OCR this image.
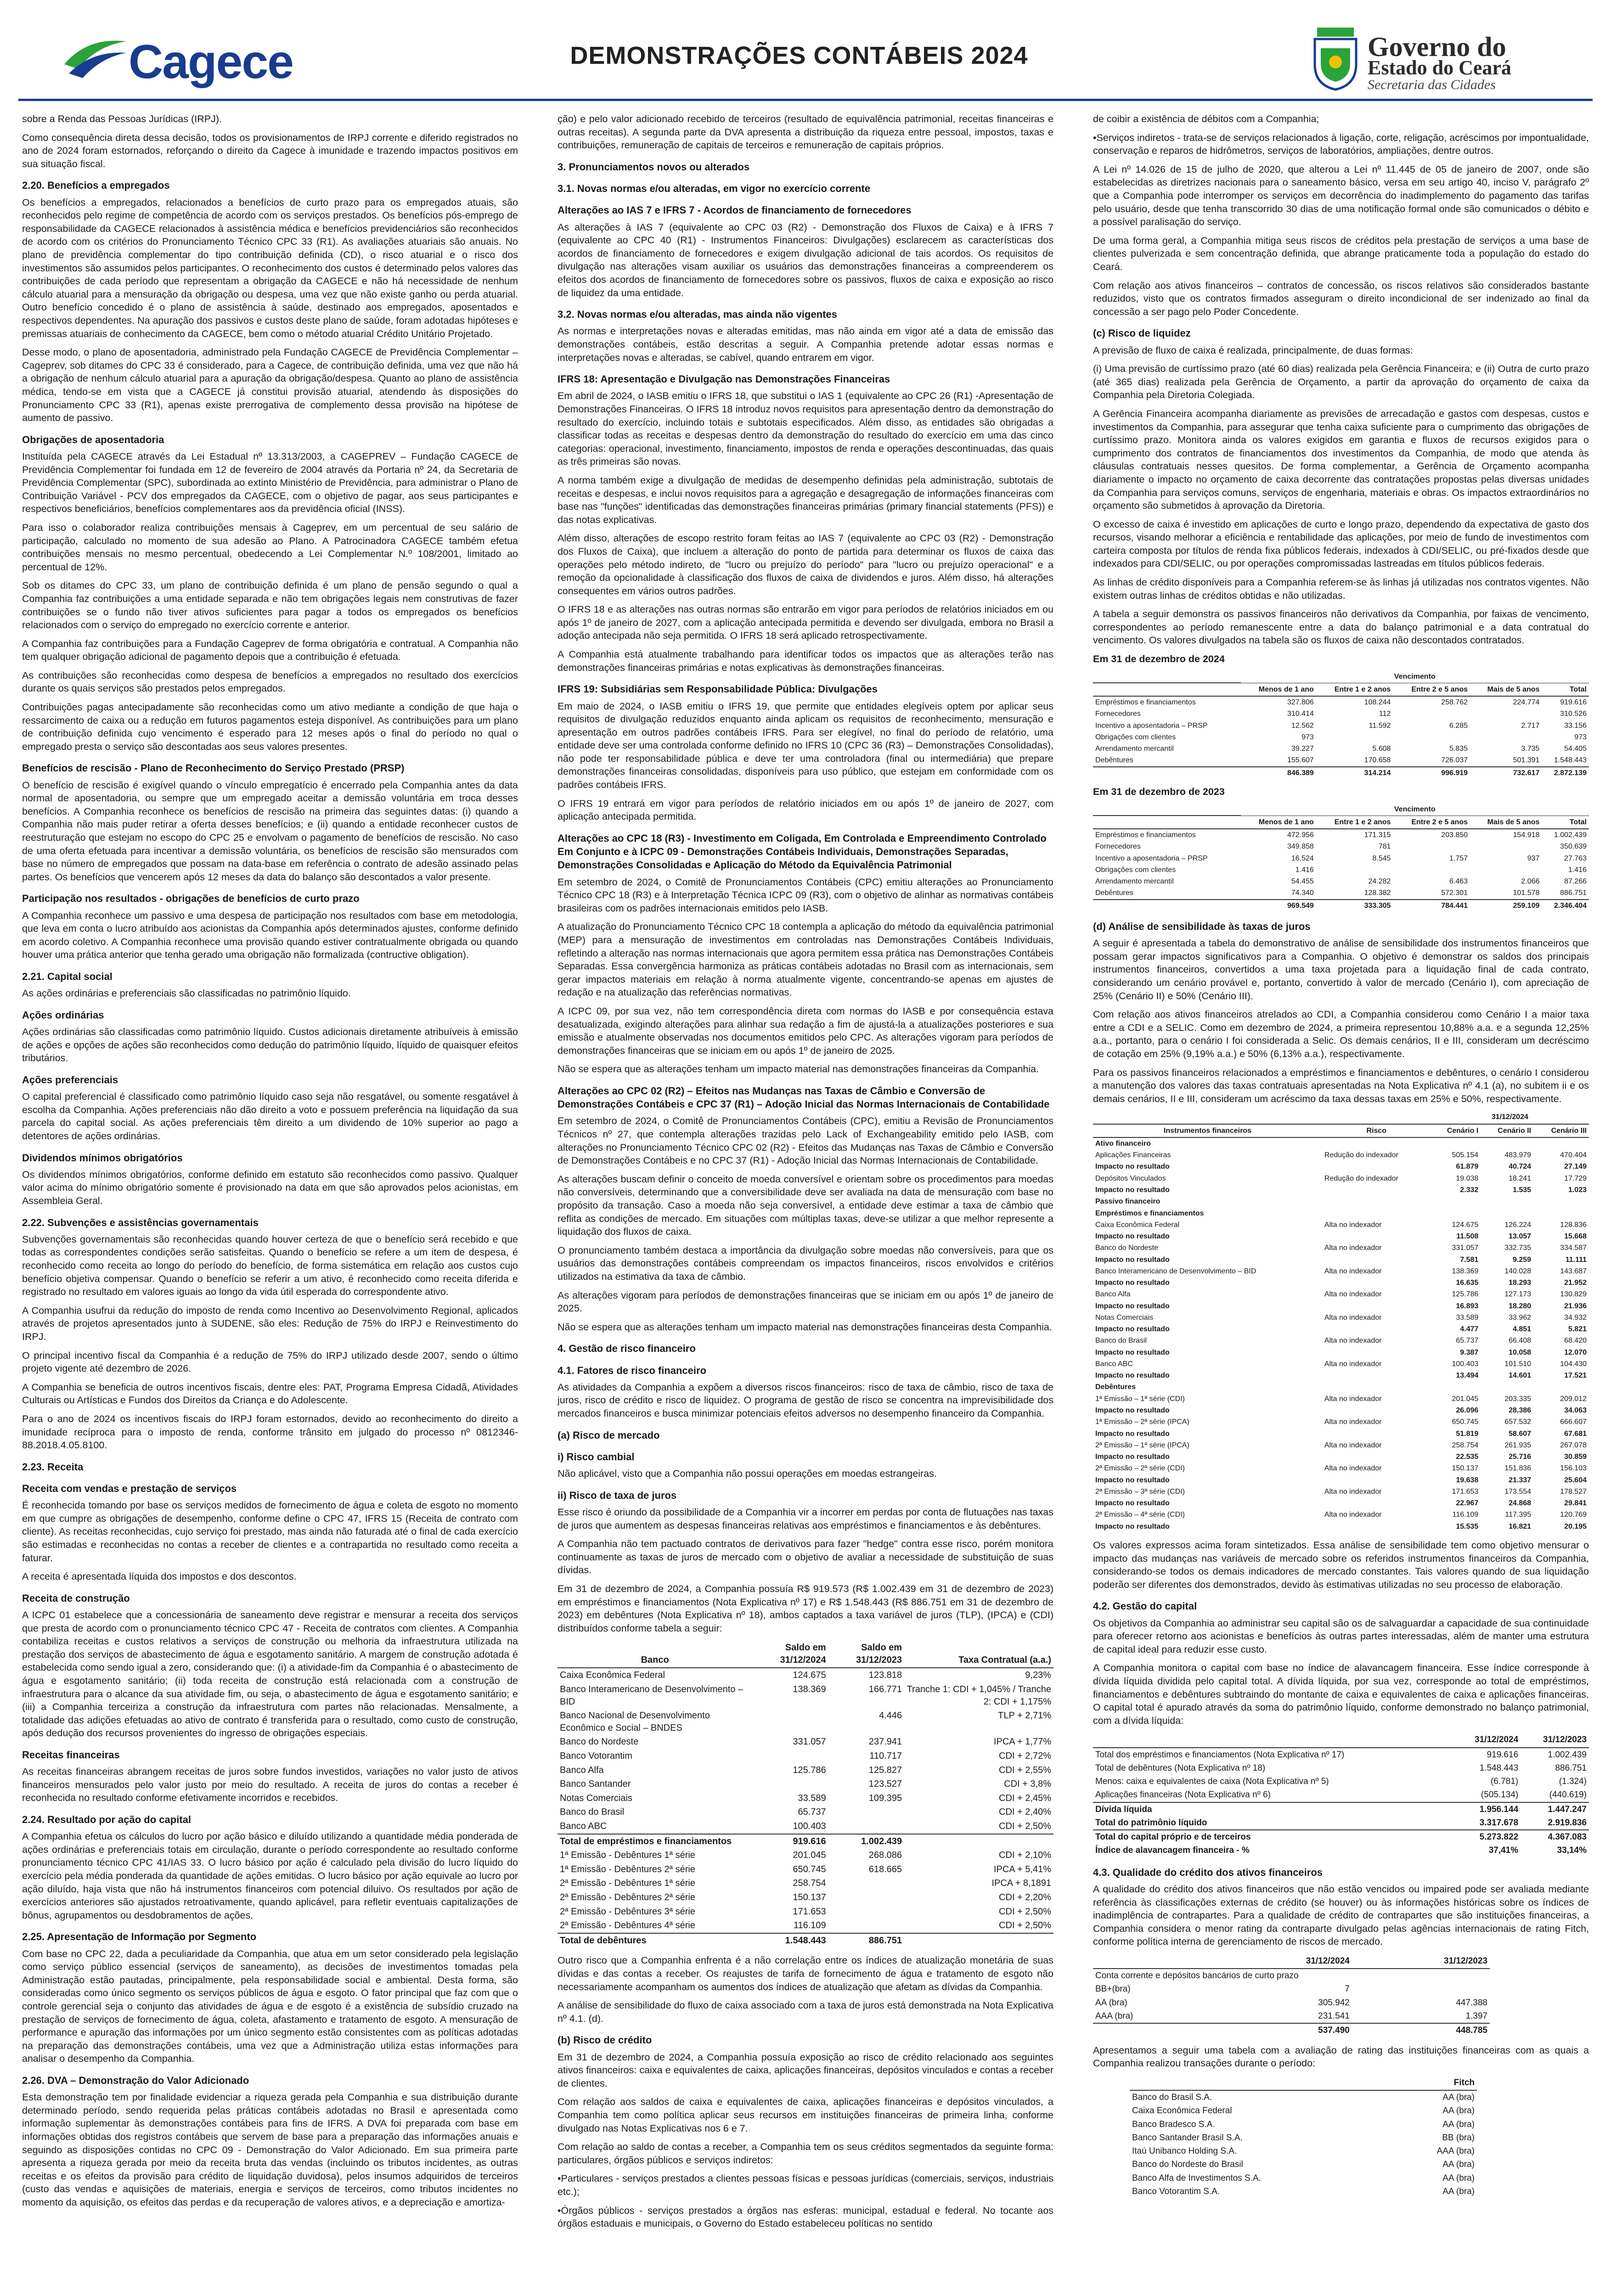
Cagece	DEMONSTRAÇÕES CONTÁBEIS 2024	Governo do
Estado do Ceará
Secretaria das Cidades

sobre a Renda das Pessoas Jurídicas (IRPJ).

Como consequência direta dessa decisão, todos os provisionamentos de IRPJ corrente e diferido registrados no ano de 2024 foram estornados, reforçando o direito da Cagece à imunidade e trazendo impactos positivos em sua situação fiscal.

2.20. Benefícios a empregados

Os benefícios a empregados, relacionados a benefícios de curto prazo para os empregados atuais, são reconhecidos pelo regime de competência de acordo com os serviços prestados. Os benefícios pós-emprego de responsabilidade da CAGECE relacionados à assistência médica e benefícios previdenciários são reconhecidos de acordo com os critérios do Pronunciamento Técnico CPC 33 (R1). As avaliações atuariais são anuais. No plano de previdência complementar do tipo contribuição definida (CD), o risco atuarial e o risco dos investimentos são assumidos pelos participantes. O reconhecimento dos custos é determinado pelos valores das contribuições de cada período que representam a obrigação da CAGECE e não há necessidade de nenhum cálculo atuarial para a mensuração da obrigação ou despesa, uma vez que não existe ganho ou perda atuarial. Outro benefício concedido é o plano de assistência à saúde, destinado aos empregados, aposentados e respectivos dependentes. Na apuração dos passivos e custos deste plano de saúde, foram adotadas hipóteses e premissas atuariais de conhecimento da CAGECE, bem como o método atuarial Crédito Unitário Projetado.

Desse modo, o plano de aposentadoria, administrado pela Fundação CAGECE de Previdência Complementar – Cageprev, sob ditames do CPC 33 é considerado, para a Cagece, de contribuição definida, uma vez que não há a obrigação de nenhum cálculo atuarial para a apuração da obrigação/despesa. Quanto ao plano de assistência médica, tendo-se em vista que a CAGECE já constitui provisão atuarial, atendendo às disposições do Pronunciamento CPC 33 (R1), apenas existe prerrogativa de complemento dessa provisão na hipótese de aumento de passivo.

Obrigações de aposentadoria

Instituída pela CAGECE através da Lei Estadual nº 13.313/2003, a CAGEPREV – Fundação CAGECE de Previdência Complementar foi fundada em 12 de fevereiro de 2004 através da Portaria nº 24, da Secretaria de Previdência Complementar (SPC), subordinada ao extinto Ministério de Previdência, para administrar o Plano de Contribuição Variável - PCV dos empregados da CAGECE, com o objetivo de pagar, aos seus participantes e respectivos beneficiários, benefícios complementares aos da previdência oficial (INSS).

Para isso o colaborador realiza contribuições mensais à Cageprev, em um percentual de seu salário de participação, calculado no momento de sua adesão ao Plano. A Patrocinadora CAGECE também efetua contribuições mensais no mesmo percentual, obedecendo a Lei Complementar N.º 108/2001, limitado ao percentual de 12%.

Sob os ditames do CPC 33, um plano de contribuição definida é um plano de pensão segundo o qual a Companhia faz contribuições a uma entidade separada e não tem obrigações legais nem construtivas de fazer contribuições se o fundo não tiver ativos suficientes para pagar a todos os empregados os benefícios relacionados com o serviço do empregado no exercício corrente e anterior.

A Companhia faz contribuições para a Fundação Cageprev de forma obrigatória e contratual. A Companhia não tem qualquer obrigação adicional de pagamento depois que a contribuição é efetuada.

As contribuições são reconhecidas como despesa de benefícios a empregados no resultado dos exercícios durante os quais serviços são prestados pelos empregados.

Contribuições pagas antecipadamente são reconhecidas como um ativo mediante a condição de que haja o ressarcimento de caixa ou a redução em futuros pagamentos esteja disponível. As contribuições para um plano de contribuição definida cujo vencimento é esperado para 12 meses após o final do período no qual o empregado presta o serviço são descontadas aos seus valores presentes.

Benefícios de rescisão - Plano de Reconhecimento do Serviço Prestado (PRSP)

O benefício de rescisão é exigível quando o vínculo empregatício é encerrado pela Companhia antes da data normal de aposentadoria, ou sempre que um empregado aceitar a demissão voluntária em troca desses benefícios. A Companhia reconhece os benefícios de rescisão na primeira das seguintes datas: (i) quando a Companhia não mais puder retirar a oferta desses benefícios; e (ii) quando a entidade reconhecer custos de reestruturação que estejam no escopo do CPC 25 e envolvam o pagamento de benefícios de rescisão. No caso de uma oferta efetuada para incentivar a demissão voluntária, os benefícios de rescisão são mensurados com base no número de empregados que possam na data-base em referência o contrato de adesão assinado pelas partes. Os benefícios que vencerem após 12 meses da data do balanço são descontados a valor presente.

Participação nos resultados - obrigações de benefícios de curto prazo

A Companhia reconhece um passivo e uma despesa de participação nos resultados com base em metodologia, que leva em conta o lucro atribuído aos acionistas da Companhia após determinados ajustes, conforme definido em acordo coletivo. A Companhia reconhece uma provisão quando estiver contratualmente obrigada ou quando houver uma prática anterior que tenha gerado uma obrigação não formalizada (contructive obligation).

2.21. Capital social

As ações ordinárias e preferenciais são classificadas no patrimônio líquido.

Ações ordinárias

Ações ordinárias são classificadas como patrimônio líquido. Custos adicionais diretamente atribuíveis à emissão de ações e opções de ações são reconhecidos como dedução do patrimônio líquido, líquido de quaisquer efeitos tributários.

Ações preferenciais

O capital preferencial é classificado como patrimônio líquido caso seja não resgatável, ou somente resgatável à escolha da Companhia. Ações preferenciais não dão direito a voto e possuem preferência na liquidação da sua parcela do capital social. As ações preferenciais têm direito a um dividendo de 10% superior ao pago a detentores de ações ordinárias.

Dividendos mínimos obrigatórios

Os dividendos mínimos obrigatórios, conforme definido em estatuto são reconhecidos como passivo. Qualquer valor acima do mínimo obrigatório somente é provisionado na data em que são aprovados pelos acionistas, em Assembleia Geral.

2.22. Subvenções e assistências governamentais

Subvenções governamentais são reconhecidas quando houver certeza de que o benefício será recebido e que todas as correspondentes condições serão satisfeitas. Quando o benefício se refere a um item de despesa, é reconhecido como receita ao longo do período do benefício, de forma sistemática em relação aos custos cujo benefício objetiva compensar. Quando o benefício se referir a um ativo, é reconhecido como receita diferida e registrado no resultado em valores iguais ao longo da vida útil esperada do correspondente ativo.

A Companhia usufrui da redução do imposto de renda como Incentivo ao Desenvolvimento Regional, aplicados através de projetos apresentados junto à SUDENE, são eles: Redução de 75% do IRPJ e Reinvestimento do IRPJ.

O principal incentivo fiscal da Companhia é a redução de 75% do IRPJ utilizado desde 2007, sendo o último projeto vigente até dezembro de 2026.

A Companhia se beneficia de outros incentivos fiscais, dentre eles: PAT, Programa Empresa Cidadã, Atividades Culturais ou Artísticas e Fundos dos Direitos da Criança e do Adolescente.

Para o ano de 2024 os incentivos fiscais do IRPJ foram estornados, devido ao reconhecimento do direito a imunidade recíproca para o imposto de renda, conforme trânsito em julgado do processo nº 0812346-88.2018.4.05.8100.

2.23. Receita
Receita com vendas e prestação de serviços

É reconhecida tomando por base os serviços medidos de fornecimento de água e coleta de esgoto no momento em que cumpre as obrigações de desempenho, conforme define o CPC 47, IFRS 15 (Receita de contrato com cliente). As receitas reconhecidas, cujo serviço foi prestado, mas ainda não faturada até o final de cada exercício são estimadas e reconhecidas no contas a receber de clientes e a contrapartida no resultado como receita a faturar.

A receita é apresentada líquida dos impostos e dos descontos.

Receita de construção

A ICPC 01 estabelece que a concessionária de saneamento deve registrar e mensurar a receita dos serviços que presta de acordo com o pronunciamento técnico CPC 47 - Receita de contratos com clientes. A Companhia contabiliza receitas e custos relativos a serviços de construção ou melhoria da infraestrutura utilizada na prestação dos serviços de abastecimento de água e esgotamento sanitário. A margem de construção adotada é estabelecida como sendo igual a zero, considerando que: (i) a atividade-fim da Companhia é o abastecimento de água e esgotamento sanitário; (ii) toda receita de construção está relacionada com a construção de infraestrutura para o alcance da sua atividade fim, ou seja, o abastecimento de água e esgotamento sanitário; e (iii) a Companhia terceiriza a construção da infraestrutura com partes não relacionadas. Mensalmente, a totalidade das adições efetuadas ao ativo de contrato é transferida para o resultado, como custo de construção, após dedução dos recursos provenientes do ingresso de obrigações especiais.

Receitas financeiras

As receitas financeiras abrangem receitas de juros sobre fundos investidos, variações no valor justo de ativos financeiros mensurados pelo valor justo por meio do resultado. A receita de juros do contas a receber é reconhecida no resultado conforme efetivamente incorridos e recebidos.

2.24. Resultado por ação do capital

A Companhia efetua os cálculos do lucro por ação básico e diluído utilizando a quantidade média ponderada de ações ordinárias e preferenciais totais em circulação, durante o período correspondente ao resultado conforme pronunciamento técnico CPC 41/IAS 33. O lucro básico por ação é calculado pela divisão do lucro líquido do exercício pela média ponderada da quantidade de ações emitidas. O lucro básico por ação equivale ao lucro por ação diluído, haja vista que não há instrumentos financeiros com potencial diluivo. Os resultados por ação de exercícios anteriores são ajustados retroativamente, quando aplicável, para refletir eventuais capitalizações de bônus, agrupamentos ou desdobramentos de ações.

2.25. Apresentação de Informação por Segmento

Com base no CPC 22, dada a peculiaridade da Companhia, que atua em um setor considerado pela legislação como serviço público essencial (serviços de saneamento), as decisões de investimentos tomadas pela Administração estão pautadas, principalmente, pela responsabilidade social e ambiental. Desta forma, são consideradas como único segmento os serviços públicos de água e esgoto. O fator principal que faz com que o controle gerencial seja o conjunto das atividades de água e de esgoto é a existência de subsídio cruzado na prestação de serviços de fornecimento de água, coleta, afastamento e tratamento de esgoto. A mensuração de performance e apuração das informações por um único segmento estão consistentes com as políticas adotadas na preparação das demonstrações contábeis, uma vez que a Administração utiliza estas informações para analisar o desempenho da Companhia.

2.26. DVA – Demonstração do Valor Adicionado

Esta demonstração tem por finalidade evidenciar a riqueza gerada pela Companhia e sua distribuição durante determinado período, sendo requerida pelas práticas contábeis adotadas no Brasil e apresentada como informação suplementar às demonstrações contábeis para fins de IFRS. A DVA foi preparada com base em informações obtidas dos registros contábeis que servem de base para a preparação das informações anuais e seguindo as disposições contidas no CPC 09 - Demonstração do Valor Adicionado. Em sua primeira parte apresenta a riqueza gerada por meio da receita bruta das vendas (incluindo os tributos incidentes, as outras receitas e os efeitos da provisão para crédito de liquidação duvidosa), pelos insumos adquiridos de terceiros (custo das vendas e aquisições de materiais, energia e serviços de terceiros, como tributos incidentes no momento da aquisição, os efeitos das perdas e da recuperação de valores ativos, e a depreciação e amortiza-

ção) e pelo valor adicionado recebido de terceiros (resultado de equivalência patrimonial, receitas financeiras e outras receitas). A segunda parte da DVA apresenta a distribuição da riqueza entre pessoal, impostos, taxas e contribuições, remuneração de capitais de terceiros e remuneração de capitais próprios.

3. Pronunciamentos novos ou alterados
3.1. Novas normas e/ou alteradas, em vigor no exercício corrente
Alterações ao IAS 7 e IFRS 7 - Acordos de financiamento de fornecedores

As alterações à IAS 7 (equivalente ao CPC 03 (R2) - Demonstração dos Fluxos de Caixa) e à IFRS 7 (equivalente ao CPC 40 (R1) - Instrumentos Financeiros: Divulgações) esclarecem as características dos acordos de financiamento de fornecedores e exigem divulgação adicional de tais acordos. Os requisitos de divulgação nas alterações visam auxiliar os usuários das demonstrações financeiras a compreenderem os efeitos dos acordos de financiamento de fornecedores sobre os passivos, fluxos de caixa e exposição ao risco de liquidez da uma entidade.

3.2. Novas normas e/ou alteradas, mas ainda não vigentes

As normas e interpretações novas e alteradas emitidas, mas não ainda em vigor até a data de emissão das demonstrações contábeis, estão descritas a seguir. A Companhia pretende adotar essas normas e interpretações novas e alteradas, se cabível, quando entrarem em vigor.

IFRS 18: Apresentação e Divulgação nas Demonstrações Financeiras

Em abril de 2024, o IASB emitiu o IFRS 18, que substitui o IAS 1 (equivalente ao CPC 26 (R1) -Apresentação de Demonstrações Financeiras. O IFRS 18 introduz novos requisitos para apresentação dentro da demonstração do resultado do exercício, incluindo totais e subtotais especificados. Além disso, as entidades são obrigadas a classificar todas as receitas e despesas dentro da demonstração do resultado do exercício em uma das cinco categorias: operacional, investimento, financiamento, impostos de renda e operações descontinuadas, das quais as três primeiras são novas.

A norma também exige a divulgação de medidas de desempenho definidas pela administração, subtotais de receitas e despesas, e inclui novos requisitos para a agregação e desagregação de informações financeiras com base nas "funções" identificadas das demonstrações financeiras primárias (primary financial statements (PFS)) e das notas explicativas.

Além disso, alterações de escopo restrito foram feitas ao IAS 7 (equivalente ao CPC 03 (R2) - Demonstração dos Fluxos de Caixa), que incluem a alteração do ponto de partida para determinar os fluxos de caixa das operações pelo método indireto, de "lucro ou prejuízo do período" para "lucro ou prejuízo operacional" e a remoção da opcionalidade à classificação dos fluxos de caixa de dividendos e juros. Além disso, há alterações consequentes em vários outros padrões.

O IFRS 18 e as alterações nas outras normas são entrarão em vigor para períodos de relatórios iniciados em ou após 1º de janeiro de 2027, com a aplicação antecipada permitida e devendo ser divulgada, embora no Brasil a adoção antecipada não seja permitida. O IFRS 18 será aplicado retrospectivamente.

A Companhia está atualmente trabalhando para identificar todos os impactos que as alterações terão nas demonstrações financeiras primárias e notas explicativas às demonstrações financeiras.

IFRS 19: Subsidiárias sem Responsabilidade Pública: Divulgações

Em maio de 2024, o IASB emitiu o IFRS 19, que permite que entidades elegíveis optem por aplicar seus requisitos de divulgação reduzidos enquanto ainda aplicam os requisitos de reconhecimento, mensuração e apresentação em outros padrões contábeis IFRS. Para ser elegível, no final do período de relatório, uma entidade deve ser uma controlada conforme definido no IFRS 10 (CPC 36 (R3) – Demonstrações Consolidadas), não pode ter responsabilidade pública e deve ter uma controladora (final ou intermediária) que prepare demonstrações financeiras consolidadas, disponíveis para uso público, que estejam em conformidade com os padrões contábeis IFRS.

O IFRS 19 entrará em vigor para períodos de relatório iniciados em ou após 1º de janeiro de 2027, com aplicação antecipada permitida.

Alterações ao CPC 18 (R3) - Investimento em Coligada, Em Controlada e Empreendimento Controlado Em Conjunto e à ICPC 09 - Demonstrações Contábeis Individuais, Demonstrações Separadas, Demonstrações Consolidadas e Aplicação do Método da Equivalência Patrimonial

Em setembro de 2024, o Comitê de Pronunciamentos Contábeis (CPC) emitiu alterações ao Pronunciamento Técnico CPC 18 (R3) e à Interpretação Técnica ICPC 09 (R3), com o objetivo de alinhar as normativas contábeis brasileiras com os padrões internacionais emitidos pelo IASB.

A atualização do Pronunciamento Técnico CPC 18 contempla a aplicação do método da equivalência patrimonial (MEP) para a mensuração de investimentos em controladas nas Demonstrações Contábeis Individuais, refletindo a alteração nas normas internacionais que agora permitem essa prática nas Demonstrações Contábeis Separadas. Essa convergência harmoniza as práticas contábeis adotadas no Brasil com as internacionais, sem gerar impactos materiais em relação à norma atualmente vigente, concentrando-se apenas em ajustes de redação e na atualização das referências normativas.

A ICPC 09, por sua vez, não tem correspondência direta com normas do IASB e por consequência estava desatualizada, exigindo alterações para alinhar sua redação a fim de ajustá-la a atualizações posteriores e sua emissão e atualmente observadas nos documentos emitidos pelo CPC. As alterações vigoram para períodos de demonstrações financeiras que se iniciam em ou após 1º de janeiro de 2025.

Não se espera que as alterações tenham um impacto material nas demonstrações financeiras da Companhia.

Alterações ao CPC 02 (R2) – Efeitos nas Mudanças nas Taxas de Câmbio e Conversão de Demonstrações Contábeis e CPC 37 (R1) – Adoção Inicial das Normas Internacionais de Contabilidade

Em setembro de 2024, o Comitê de Pronunciamentos Contábeis (CPC), emitiu a Revisão de Pronunciamentos Técnicos nº 27, que contempla alterações trazidas pelo Lack of Exchangeability emitido pelo IASB, com alterações no Pronunciamento Técnico CPC 02 (R2) - Efeitos das Mudanças nas Taxas de Câmbio e Conversão de Demonstrações Contábeis e no CPC 37 (R1) - Adoção Inicial das Normas Internacionais de Contabilidade.

As alterações buscam definir o conceito de moeda conversível e orientam sobre os procedimentos para moedas não conversíveis, determinando que a conversibilidade deve ser avaliada na data de mensuração com base no propósito da transação. Caso a moeda não seja conversível, a entidade deve estimar a taxa de câmbio que reflita as condições de mercado. Em situações com múltiplas taxas, deve-se utilizar a que melhor represente a liquidação dos fluxos de caixa.

O pronunciamento também destaca a importância da divulgação sobre moedas não conversíveis, para que os usuários das demonstrações contábeis compreendam os impactos financeiros, riscos envolvidos e critérios utilizados na estimativa da taxa de câmbio.

As alterações vigoram para períodos de demonstrações financeiras que se iniciam em ou após 1º de janeiro de 2025.

Não se espera que as alterações tenham um impacto material nas demonstrações financeiras desta Companhia.

4. Gestão de risco financeiro
4.1. Fatores de risco financeiro

As atividades da Companhia a expõem a diversos riscos financeiros: risco de taxa de câmbio, risco de taxa de juros, risco de crédito e risco de liquidez. O programa de gestão de risco se concentra na imprevisibilidade dos mercados financeiros e busca minimizar potenciais efeitos adversos no desempenho financeiro da Companhia.

(a) Risco de mercado
i) Risco cambial

Não aplicável, visto que a Companhia não possui operações em moedas estrangeiras.

ii) Risco de taxa de juros

Esse risco é oriundo da possibilidade de a Companhia vir a incorrer em perdas por conta de flutuações nas taxas de juros que aumentem as despesas financeiras relativas aos empréstimos e financiamentos e às debêntures.

A Companhia não tem pactuado contratos de derivativos para fazer "hedge" contra esse risco, porém monitora continuamente as taxas de juros de mercado com o objetivo de avaliar a necessidade de substituição de suas dívidas.

Em 31 de dezembro de 2024, a Companhia possuía R$ 919.573 (R$ 1.002.439 em 31 de dezembro de 2023) em empréstimos e financiamentos (Nota Explicativa nº 17) e R$ 1.548.443 (R$ 886.751 em 31 de dezembro de 2023) em debêntures (Nota Explicativa nº 18), ambos captados a taxa variável de juros (TLP), (IPCA) e (CDI) distribuídos conforme tabela a seguir:

Banco	Saldo em 31/12/2024	Saldo em 31/12/2023	Taxa Contratual (a.a.)
Caixa Econômica Federal	124.675	123.818	9,23%
Banco Interamericano de Desenvolvimento – BID	138.369	166.771	Tranche 1: CDI + 1,045% / Tranche 2: CDI + 1,175%
Banco Nacional de Desenvolvimento Econômico e Social – BNDES		4.446	TLP + 2,71%
Banco do Nordeste	331.057	237.941	IPCA + 1,77%
Banco Votorantim		110.717	CDI + 2,72%
Banco Alfa	125.786	125.827	CDI + 2,55%
Banco Santander		123.527	CDI + 3,8%
Notas Comerciais	33.589	109.395	CDI + 2,45%
Banco do Brasil	65.737		CDI + 2,40%
Banco ABC	100.403		CDI + 2,50%
Total de empréstimos e financiamentos	919.616	1.002.439	
1ª Emissão - Debêntures 1ª série	201.045	268.086	CDI + 2,10%
1ª Emissão - Debêntures 2ª série	650.745	618.665	IPCA + 5,41%
2ª Emissão - Debêntures 1ª série	258.754		IPCA + 8,1891
2ª Emissão - Debêntures 2ª série	150.137		CDI + 2,20%
2ª Emissão - Debêntures 3ª série	171.653		CDI + 2,50%
2ª Emissão - Debêntures 4ª série	116.109		CDI + 2,50%
Total de debêntures	1.548.443	886.751	

Outro risco que a Companhia enfrenta é a não correlação entre os índices de atualização monetária de suas dívidas e das contas a receber. Os reajustes de tarifa de fornecimento de água e tratamento de esgoto não necessariamente acompanham os aumentos dos índices de atualização que afetam as dívidas da Companhia.

A análise de sensibilidade do fluxo de caixa associado com a taxa de juros está demonstrada na Nota Explicativa nº 4.1. (d).

(b) Risco de crédito

Em 31 de dezembro de 2024, a Companhia possuía exposição ao risco de crédito relacionado aos seguintes ativos financeiros: caixa e equivalentes de caixa, aplicações financeiras, depósitos vinculados e contas a receber de clientes.

Com relação aos saldos de caixa e equivalentes de caixa, aplicações financeiras e depósitos vinculados, a Companhia tem como política aplicar seus recursos em instituições financeiras de primeira linha, conforme divulgado nas Notas Explicativas nos 6 e 7.

Com relação ao saldo de contas a receber, a Companhia tem os seus créditos segmentados da seguinte forma: particulares, órgãos públicos e serviços indiretos:

•Particulares - serviços prestados a clientes pessoas físicas e pessoas jurídicas (comerciais, serviços, industriais etc.);

•Órgãos públicos - serviços prestados a órgãos nas esferas: municipal, estadual e federal. No tocante aos órgãos estaduais e municipais, o Governo do Estado estabeleceu políticas no sentido

de coibir a existência de débitos com a Companhia;

•Serviços indiretos - trata-se de serviços relacionados à ligação, corte, religação, acréscimos por impontualidade, conservação e reparos de hidrômetros, serviços de laboratórios, ampliações, dentre outros.

A Lei nº 14.026 de 15 de julho de 2020, que alterou a Lei nº 11.445 de 05 de janeiro de 2007, onde são estabelecidas as diretrizes nacionais para o saneamento básico, versa em seu artigo 40, inciso V, parágrafo 2º que a Companhia pode interromper os serviços em decorrência do inadimplemento do pagamento das tarifas pelo usuário, desde que tenha transcorrido 30 dias de uma notificação formal onde são comunicados o débito e a possível paralisação do serviço.

De uma forma geral, a Companhia mitiga seus riscos de créditos pela prestação de serviços a uma base de clientes pulverizada e sem concentração definida, que abrange praticamente toda a população do estado do Ceará.

Com relação aos ativos financeiros – contratos de concessão, os riscos relativos são considerados bastante reduzidos, visto que os contratos firmados asseguram o direito incondicional de ser indenizado ao final da concessão a ser pago pelo Poder Concedente.

(c) Risco de liquidez

A previsão de fluxo de caixa é realizada, principalmente, de duas formas:

(i) Uma previsão de curtíssimo prazo (até 60 dias) realizada pela Gerência Financeira; e (ii) Outra de curto prazo (até 365 dias) realizada pela Gerência de Orçamento, a partir da aprovação do orçamento de caixa da Companhia pela Diretoria Colegiada.

A Gerência Financeira acompanha diariamente as previsões de arrecadação e gastos com despesas, custos e investimentos da Companhia, para assegurar que tenha caixa suficiente para o cumprimento das obrigações de curtíssimo prazo. Monitora ainda os valores exigidos em garantia e fluxos de recursos exigidos para o cumprimento dos contratos de financiamentos dos investimentos da Companhia, de modo que atenda às cláusulas contratuais nesses quesitos. De forma complementar, a Gerência de Orçamento acompanha diariamente o impacto no orçamento de caixa decorrente das contratações propostas pelas diversas unidades da Companhia para serviços comuns, serviços de engenharia, materiais e obras. Os impactos extraordinários no orçamento são submetidos à aprovação da Diretoria.

O excesso de caixa é investido em aplicações de curto e longo prazo, dependendo da expectativa de gasto dos recursos, visando melhorar a eficiência e rentabilidade das aplicações, por meio de fundo de investimentos com carteira composta por títulos de renda fixa públicos federais, indexados à CDI/SELIC, ou pré-fixados desde que indexados para CDI/SELIC, ou por operações compromissadas lastreadas em títulos públicos federais.

As linhas de crédito disponíveis para a Companhia referem-se às linhas já utilizadas nos contratos vigentes. Não existem outras linhas de créditos obtidas e não utilizadas.

A tabela a seguir demonstra os passivos financeiros não derivativos da Companhia, por faixas de vencimento, correspondentes ao período remanescente entre a data do balanço patrimonial e a data contratual do vencimento. Os valores divulgados na tabela são os fluxos de caixa não descontados contratados.

Em 31 de dezembro de 2024
	Vencimento				
	Menos de 1 ano	Entre 1 e 2 anos	Entre 2 e 5 anos	Mais de 5 anos	Total
Empréstimos e financiamentos	327.806	108.244	258.762	224.774	919.616
Fornecedores	310.414	112			310.526
Incentivo a aposentadoria – PRSP	12.562	11.592	6.285	2.717	33.156
Obrigações com clientes	973				973
Arrendamento mercantil	39.227	5.608	5.835	3.735	54.405
Debêntures	155.607	170.658	726.037	501.391	1.548.443
	846.389	314.214	996.919	732.617	2.872.139
Em 31 de dezembro de 2023
	Vencimento				
	Menos de 1 ano	Entre 1 e 2 anos	Entre 2 e 5 anos	Mais de 5 anos	Total
Empréstimos e financiamentos	472.956	171.315	203.850	154.918	1.002.439
Fornecedores	349.858	781			350.639
Incentivo a aposentadoria – PRSP	16.524	8.545	1.757	937	27.763
Obrigações com clientes	1.416				1.416
Arrendamento mercantil	54.455	24.282	6.463	2.066	87.266
Debêntures	74.340	128.382	572.301	101.578	886.751
	969.549	333.305	784.441	259.109	2.346.404
(d) Análise de sensibilidade às taxas de juros

A seguir é apresentada a tabela do demonstrativo de análise de sensibilidade dos instrumentos financeiros que possam gerar impactos significativos para a Companhia. O objetivo é demonstrar os saldos dos principais instrumentos financeiros, convertidos a uma taxa projetada para a liquidação final de cada contrato, considerando um cenário provável e, portanto, convertido à valor de mercado (Cenário I), com apreciação de 25% (Cenário II) e 50% (Cenário III).

Com relação aos ativos financeiros atrelados ao CDI, a Companhia considerou como Cenário I a maior taxa entre a CDI e a SELIC. Como em dezembro de 2024, a primeira representou 10,88% a.a. e a segunda 12,25% a.a., portanto, para o cenário I foi considerada a Selic. Os demais cenários, II e III, consideram um decréscimo de cotação em 25% (9,19% a.a.) e 50% (6,13% a.a.), respectivamente.

Para os passivos financeiros relacionados a empréstimos e financiamentos e debêntures, o cenário I considerou a manutenção dos valores das taxas contratuais apresentadas na Nota Explicativa nº 4.1 (a), no subitem ii e os demais cenários, II e III, consideram um acréscimo da taxa dessas taxas em 25% e 50%, respectivamente.

		31/12/2024		
Instrumentos financeiros	Risco	Cenário I	Cenário II	Cenário III
Ativo financeiro				
Aplicações Financeiras	Redução do indexador	505.154	483.979	470.404
Impacto no resultado		61.879	40.724	27.149
Depósitos Vinculados	Redução do indexador	19.038	18.241	17.729
Impacto no resultado		2.332	1.535	1.023
Passivo financeiro				
Empréstimos e financiamentos				
Caixa Econômica Federal	Alta no indexador	124.675	126.224	128.836
Impacto no resultado		11.508	13.057	15.668
Banco do Nordeste	Alta no indexador	331.057	332.735	334.587
Impacto no resultado		7.581	9.259	11.111
Banco Interamericano de Desenvolvimento – BID	Alta no indexador	138.369	140.028	143.687
Impacto no resultado		16.635	18.293	21.952
Banco Alfa	Alta no indexador	125.786	127.173	130.829
Impacto no resultado		16.893	18.280	21.936
Notas Comerciais	Alta no indexador	33.589	33.962	34.932
Impacto no resultado		4.477	4.851	5.821
Banco do Brasil	Alta no indexador	65.737	66.408	68.420
Impacto no resultado		9.387	10.058	12.070
Banco ABC	Alta no indexador	100.403	101.510	104.430
Impacto no resultado		13.494	14.601	17.521
Debêntures				
1ª Emissão – 1ª série (CDI)	Alta no indexador	201.045	203.335	209.012
Impacto no resultado		26.096	28.386	34.063
1ª Emissão – 2ª série (IPCA)	Alta no indexador	650.745	657.532	666.607
Impacto no resultado		51.819	58.607	67.681
2ª Emissão – 1ª série (IPCA)	Alta no indexador	258.754	261.935	267.078
Impacto no resultado		22.535	25.716	30.859
2ª Emissão – 2ª série (CDI)	Alta no indexador	150.137	151.836	156.103
Impacto no resultado		19.638	21.337	25.604
2ª Emissão – 3ª série (CDI)	Alta no indexador	171.653	173.554	178.527
Impacto no resultado		22.967	24.868	29.841
2ª Emissão – 4ª série (CDI)	Alta no indexador	116.109	117.395	120.769
Impacto no resultado		15.535	16.821	20.195

Os valores expressos acima foram sintetizados. Essa análise de sensibilidade tem como objetivo mensurar o impacto das mudanças nas variáveis de mercado sobre os referidos instrumentos financeiros da Companhia, considerando-se todos os demais indicadores de mercado constantes. Tais valores quando de sua liquidação poderão ser diferentes dos demonstrados, devido às estimativas utilizadas no seu processo de elaboração.

4.2. Gestão do capital

Os objetivos da Companhia ao administrar seu capital são os de salvaguardar a capacidade de sua continuidade para oferecer retorno aos acionistas e benefícios às outras partes interessadas, além de manter uma estrutura de capital ideal para reduzir esse custo.

A Companhia monitora o capital com base no índice de alavancagem financeira. Esse índice corresponde à dívida líquida dividida pelo capital total. A dívida líquida, por sua vez, corresponde ao total de empréstimos, financiamentos e debêntures subtraindo do montante de caixa e equivalentes de caixa e aplicações financeiras. O capital total é apurado através da soma do patrimônio líquido, conforme demonstrado no balanço patrimonial, com a dívida líquida:

	31/12/2024	31/12/2023
Total dos empréstimos e financiamentos (Nota Explicativa nº 17)	919.616	1.002.439
Total de debêntures (Nota Explicativa nº 18)	1.548.443	886.751
Menos: caixa e equivalentes de caixa (Nota Explicativa nº 5)	(6.781)	(1.324)
Aplicações financeiras (Nota Explicativa nº 6)	(505.134)	(440.619)
Dívida líquida	1.956.144	1.447.247
Total do patrimônio líquido	3.317.678	2.919.836
Total do capital próprio e de terceiros	5.273.822	4.367.083
Índice de alavancagem financeira - %	37,41%	33,14%
4.3. Qualidade do crédito dos ativos financeiros

A qualidade do crédito dos ativos financeiros que não estão vencidos ou impaired pode ser avaliada mediante referência às classificações externas de crédito (se houver) ou às informações históricas sobre os índices de inadimplência de contrapartes. Para a qualidade de crédito de contrapartes que são instituições financeiras, a Companhia considera o menor rating da contraparte divulgado pelas agências internacionais de rating Fitch, conforme política interna de gerenciamento de riscos de mercado.

	31/12/2024	31/12/2023
Conta corrente e depósitos bancários de curto prazo		
BB+(bra)	7	
AA (bra)	305.942	447.388
AAA (bra)	231.541	1.397
	537.490	448.785

Apresentamos a seguir uma tabela com a avaliação de rating das instituições financeiras com as quais a Companhia realizou transações durante o período:

	Fitch
Banco do Brasil S.A.	AA (bra)
Caixa Econômica Federal	AA (bra)
Banco Bradesco S.A.	AA (bra)
Banco Santander Brasil S.A.	BB (bra)
Itaú Unibanco Holding S.A.	AAA (bra)
Banco do Nordeste do Brasil	AA (bra)
Banco Alfa de Investimentos S.A.	AA (bra)
Banco Votorantim S.A.	AA (bra)
